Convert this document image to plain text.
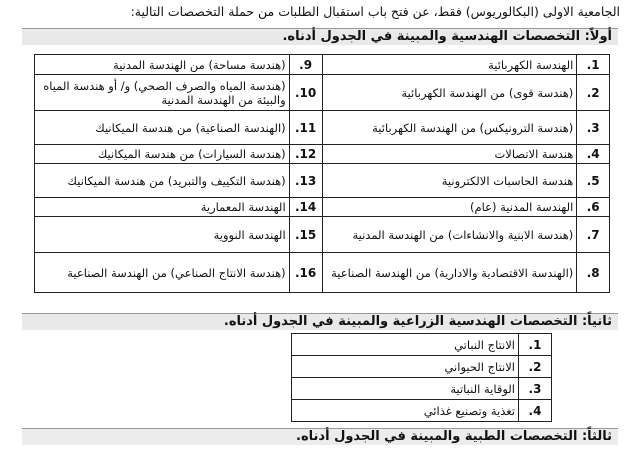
الجامعية الاولى (البكالوريوس) فقط، عن فتح باب استقبال الطلبات من حملة التخصصات التالية:
أولاً: التخصصات الهندسية والمبينة في الجدول أدناه.
1.	الهندسة الكهربائية	9.	(هندسة مساحة) من الهندسة المدنية
2.	(هندسة قوى) من الهندسة الكهربائية	10.	(هندسة المياه والصرف الصحي) و/ أو هندسة المياه والبيئة من الهندسة المدنية
3.	(هندسة الترونيكس) من الهندسة الكهربائية	11.	(الهندسة الصناعية) من هندسة الميكانيك
4.	هندسة الاتصالات	12.	(هندسة السيارات) من هندسة الميكانيك
5.	هندسة الحاسبات الالكترونية	13.	(هندسة التكييف والتبريد) من هندسة الميكانيك
6.	الهندسة المدنية (عام)	14.	الهندسة المعمارية
7.	(هندسة الابنية والانشاءات) من الهندسة المدنية	15.	الهندسة النووية
8.	(الهندسة الاقتصادية والادارية) من الهندسة الصناعية	16.	(هندسة الانتاج الصناعي) من الهندسة الصناعية
ثانياً: التخصصات الهندسية الزراعية والمبينة في الجدول أدناه.
1.	الانتاج النباتي	
2.	الانتاج الحيواني	
3.	الوقاية النباتية	
4.	تغذية وتصنيع غذائي	
ثالثاً: التخصصات الطبية والمبينة في الجدول أدناه.
